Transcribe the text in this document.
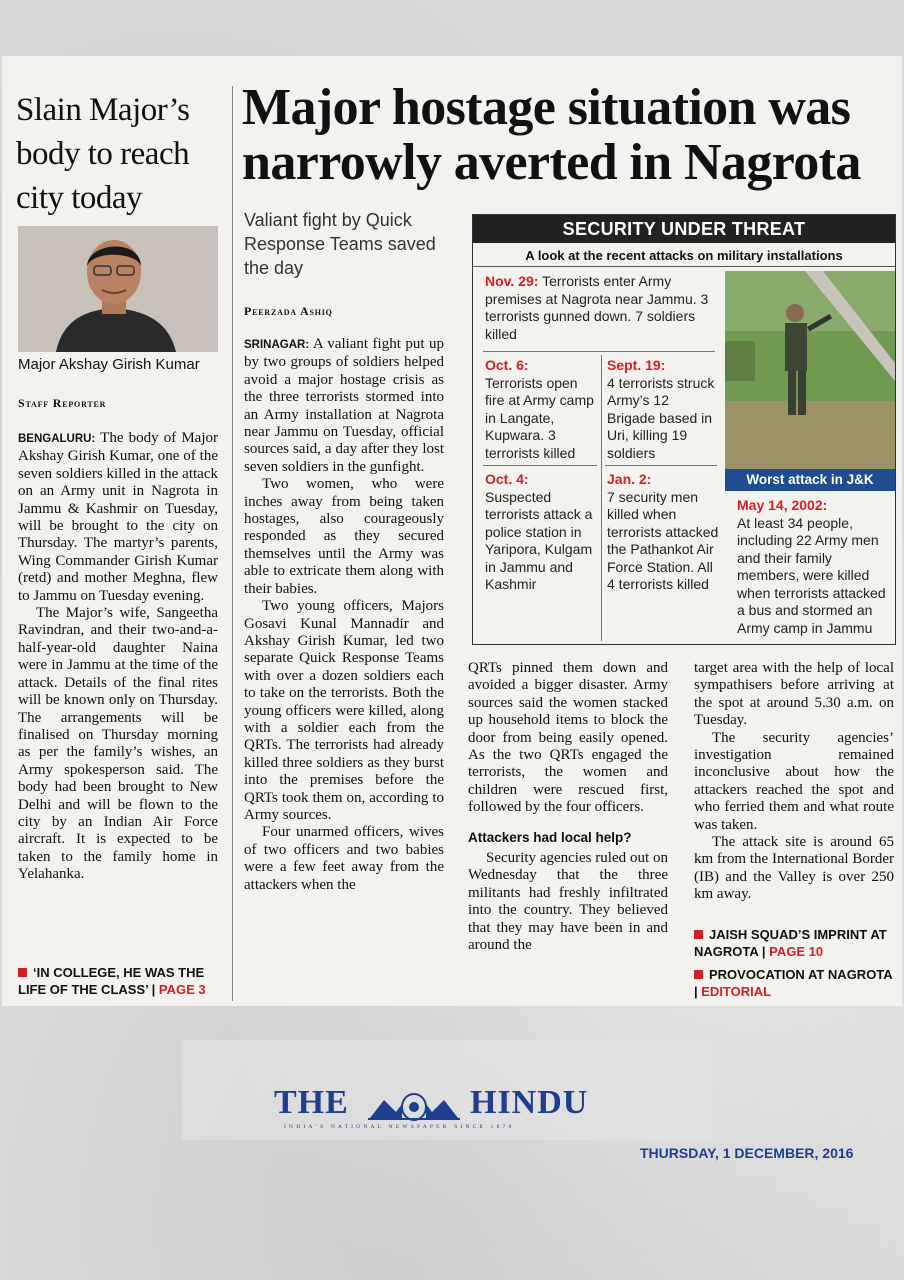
Slain Major’s body to reach city today
Major Akshay Girish Kumar
Staff Reporter

BENGALURU: The body of Major Akshay Girish Kumar, one of the seven soldiers killed in the attack on an Army unit in Nagrota in Jammu & Kashmir on Tuesday, will be brought to the city on Thursday. The martyr’s parents, Wing Commander Girish Kumar (retd) and mother Meghna, flew to Jammu on Tuesday evening.

The Major’s wife, Sangeetha Ravindran, and their two-and-a-half-year-old daughter Naina were in Jammu at the time of the attack. Details of the final rites will be known only on Thursday. The arrangements will be finalised on Thursday morning as per the family’s wishes, an Army spokesperson said. The body had been brought to New Delhi and will be flown to the city by an Indian Air Force aircraft. It is expected to be taken to the family home in Yelahanka.

‘IN COLLEGE, HE WAS THE LIFE OF THE CLASS’ | PAGE 3
Major hostage situation was narrowly averted in Nagrota
Valiant fight by Quick Response Teams saved the day
Peerzada Ashiq

SRINAGAR: A valiant fight put up by two groups of soldiers helped avoid a major hostage crisis as the three terrorists stormed into an Army installation at Nagrota near Jammu on Tuesday, official sources said, a day after they lost seven soldiers in the gunfight.

Two women, who were inches away from being taken hostages, also courageously responded as they secured themselves until the Army was able to extricate them along with their babies.

Two young officers, Majors Gosavi Kunal Mannadir and Akshay Girish Kumar, led two separate Quick Response Teams with over a dozen soldiers each to take on the terrorists. Both the young officers were killed, along with a soldier each from the QRTs. The terrorists had already killed three soldiers as they burst into the premises before the QRTs took them on, according to Army sources.

Four unarmed officers, wives of two officers and two babies were a few feet away from the attackers when the

SECURITY UNDER THREAT
A look at the recent attacks on military installations
Nov. 29: Terrorists enter Army premises at Nagrota near Jammu. 3 terrorists gunned down. 7 soldiers killed
Oct. 6:
Terrorists open fire at Army camp in Langate, Kupwara. 3 terrorists killed
Sept. 19:
4 terrorists struck Army’s 12 Brigade based in Uri, killing 19 soldiers
Oct. 4:
Suspected terrorists attack a police station in Yaripora, Kulgam in Jammu and Kashmir
Jan. 2:
7 security men killed when terrorists attacked the Pathankot Air Force Station. All 4 terrorists killed
Worst attack in J&K
May 14, 2002:
At least 34 people, including 22 Army men and their family members, were killed when terrorists attacked a bus and stormed an Army camp in Jammu

QRTs pinned them down and avoided a bigger disaster. Army sources said the women stacked up household items to block the door from being easily opened. As the two QRTs engaged the terrorists, the women and children were rescued first, followed by the four officers.

Attackers had local help?

Security agencies ruled out on Wednesday that the three militants had freshly infiltrated into the country. They believed that they may have been in and around the

target area with the help of local sympathisers before arriving at the spot at around 5.30 a.m. on Tuesday.

The security agencies’ investigation remained inconclusive about how the attackers reached the spot and who ferried them and what route was taken.

The attack site is around 65 km from the International Border (IB) and the Valley is over 250 km away.

JAISH SQUAD’S IMPRINT AT NAGROTA | PAGE 10
PROVOCATION AT NAGROTA | EDITORIAL
THE	HINDU
INDIA’S NATIONAL NEWSPAPER SINCE 1878
THURSDAY, 1 DECEMBER, 2016
